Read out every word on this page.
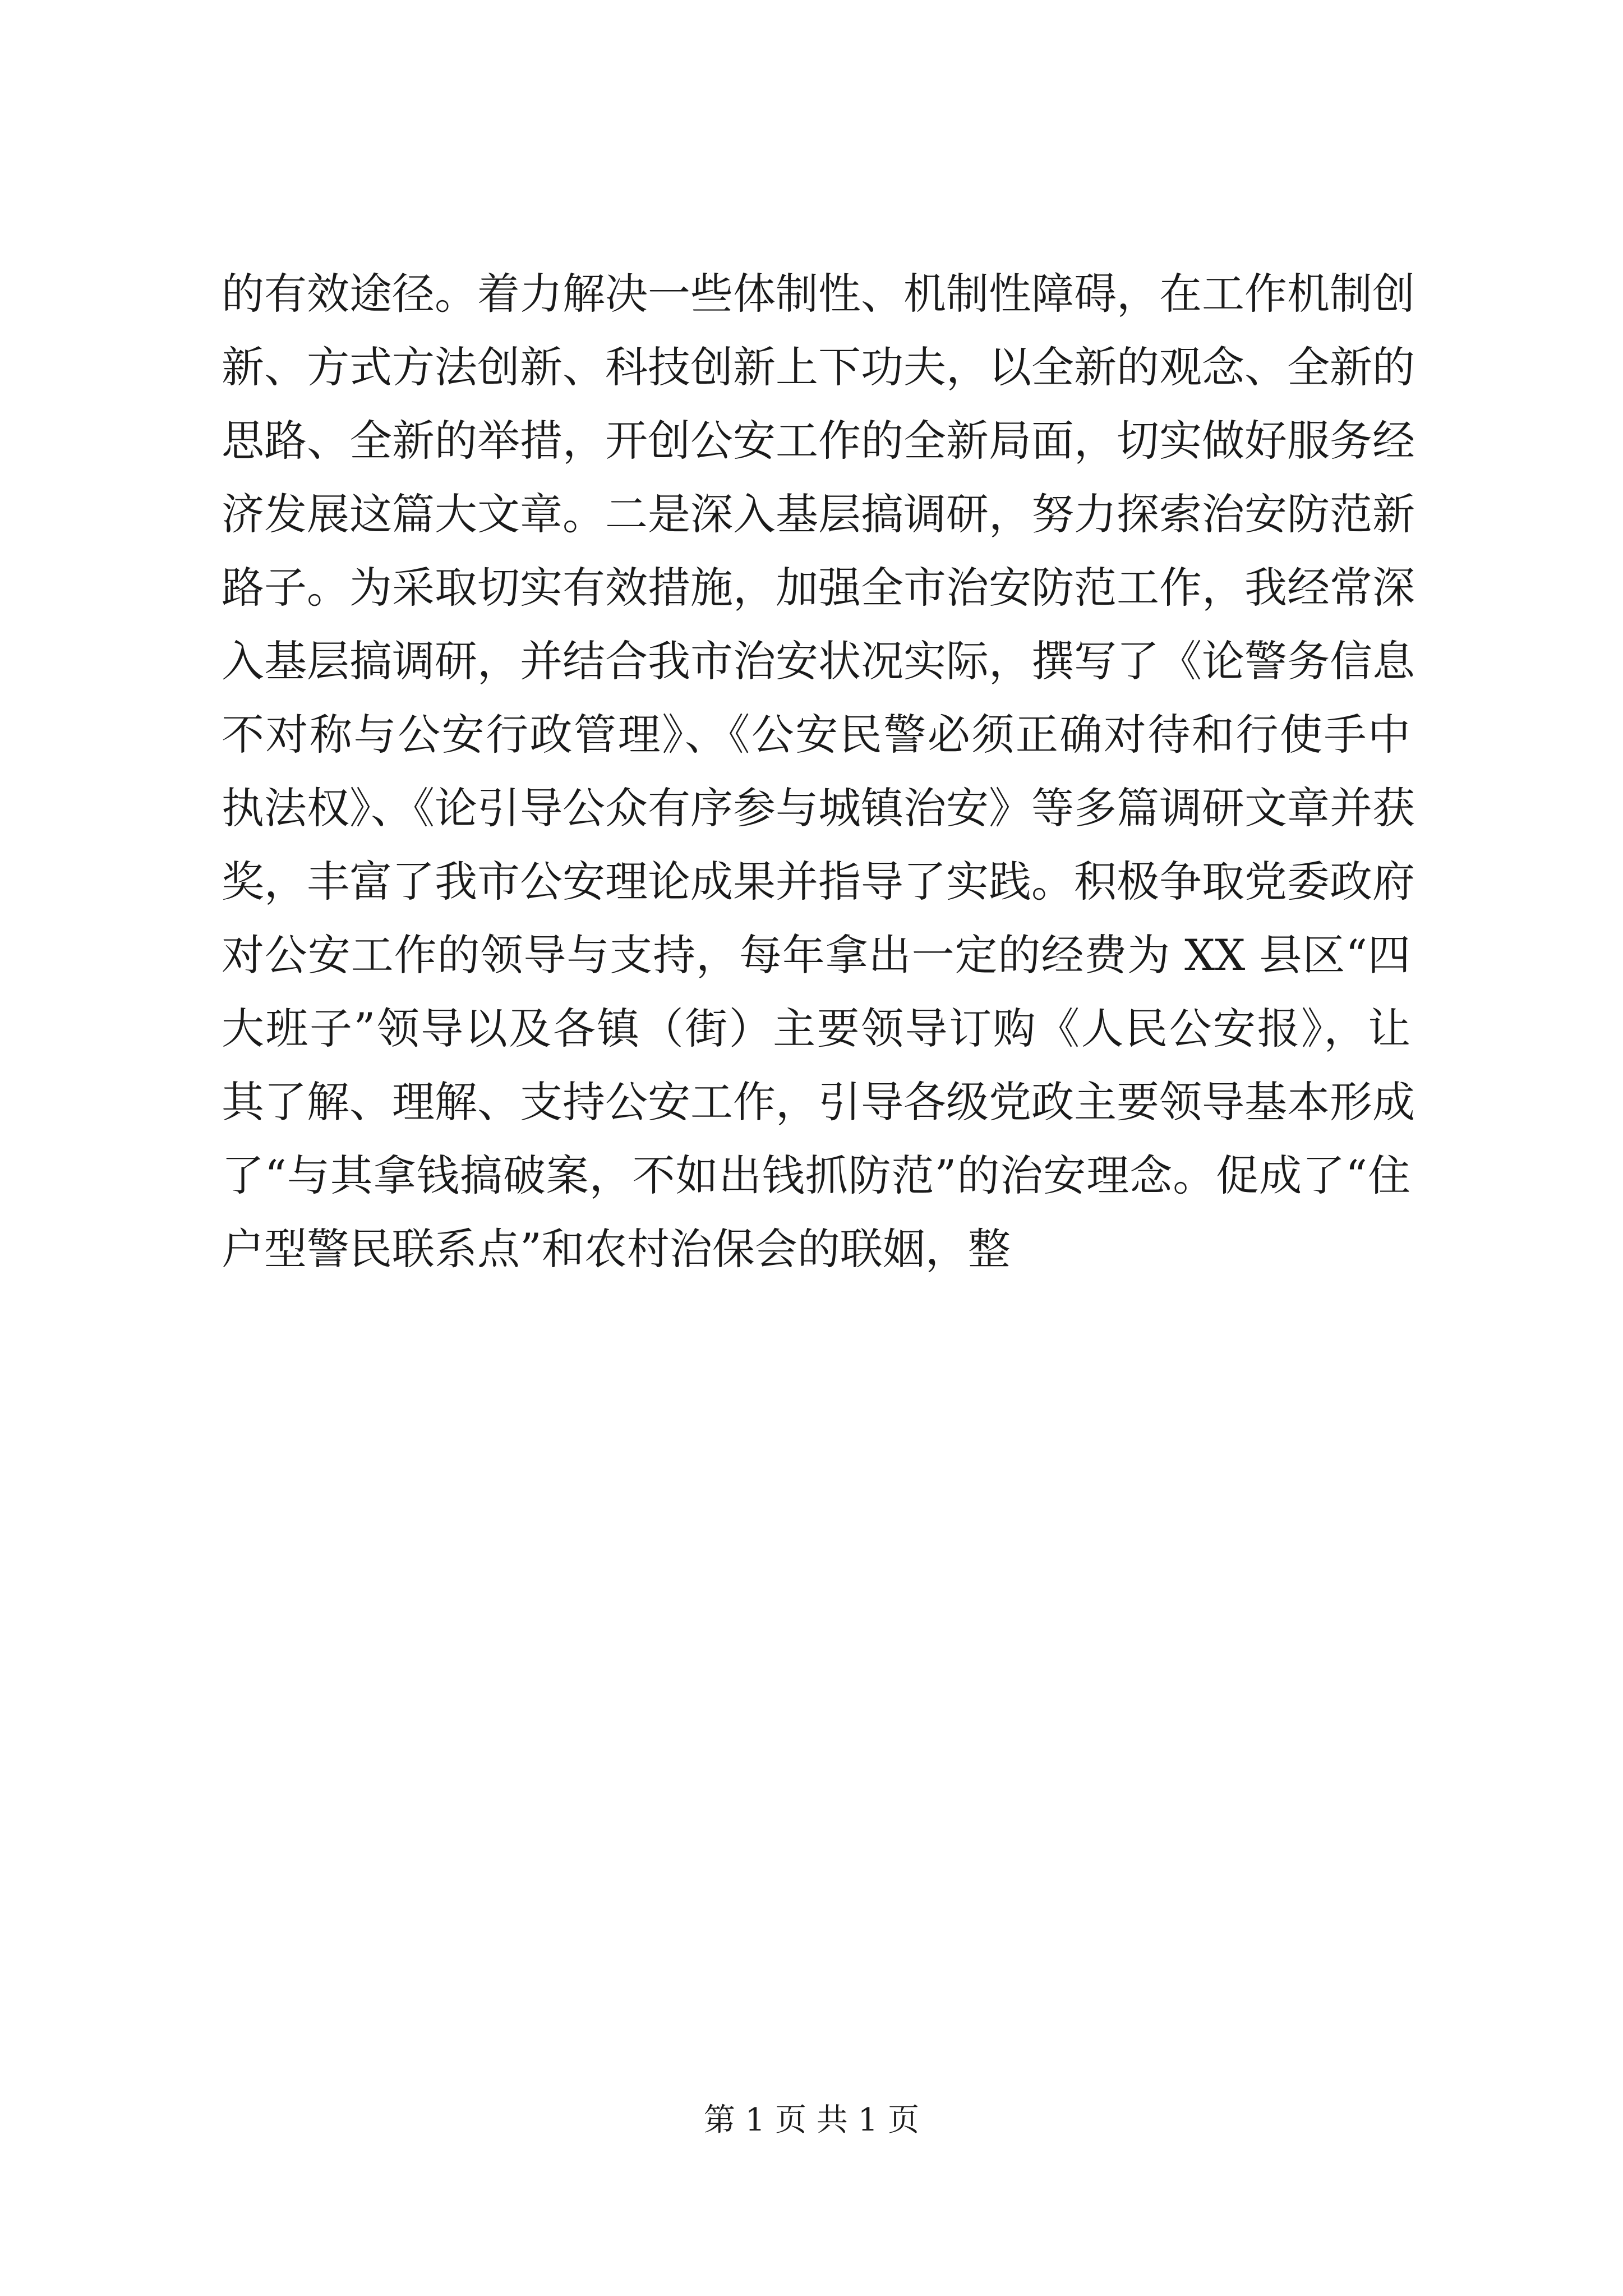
的有效途径。着力解决一些体制性、机制性障碍，在工作机制创
新、方式方法创新、科技创新上下功夫，以全新的观念、全新的
思路、全新的举措，开创公安工作的全新局面，切实做好服务经
济发展这篇大文章。二是深入基层搞调研，努力探索治安防范新
路子。为采取切实有效措施，加强全市治安防范工作，我经常深
入基层搞调研，并结合我市治安状况实际，撰写了《论警务信息
不对称与公安行政管理》、《公安民警必须正确对待和行使手中
执法权》、《论引导公众有序参与城镇治安》等多篇调研文章并获
奖，丰富了我市公安理论成果并指导了实践。积极争取党委政府
对公安工作的领导与支持，每年拿出一定的经费为 XX 县区“四
大班子”领导以及各镇（街）主要领导订购《人民公安报》，让
其了解、理解、支持公安工作，引导各级党政主要领导基本形成
了“与其拿钱搞破案，不如出钱抓防范”的治安理念。促成了“住
户型警民联系点”和农村治保会的联姻，整
第 1 页 共 1 页
